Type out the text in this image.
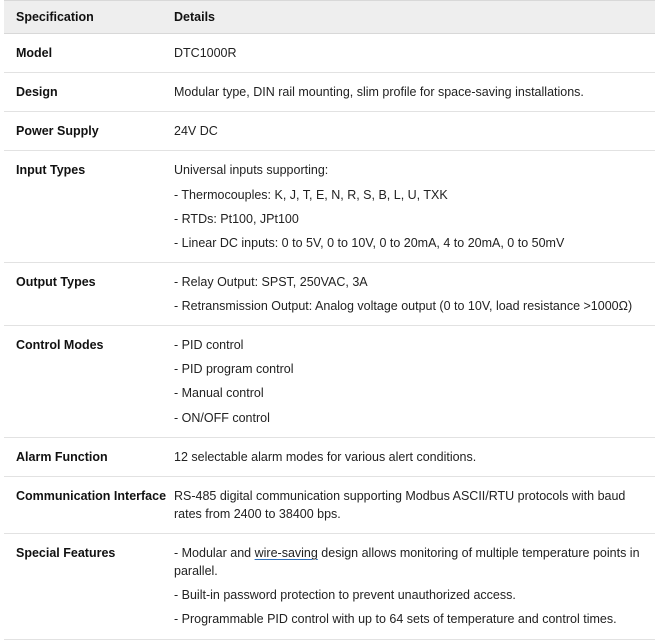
Specification	Details
Model	DTC1000R

Design	Modular type, DIN rail mounting, slim profile for space-saving installations.

Power Supply	24V DC

Input Types	Universal inputs supporting:
- Thermocouples: K, J, T, E, N, R, S, B, L, U, TXK
- RTDs: Pt100, JPt100
- Linear DC inputs: 0 to 5V, 0 to 10V, 0 to 20mA, 4 to 20mA, 0 to 50mV

Output Types	- Relay Output: SPST, 250VAC, 3A
- Retransmission Output: Analog voltage output (0 to 10V, load resistance >1000Ω)

Control Modes	- PID control
- PID program control
- Manual control
- ON/OFF control

Alarm Function	12 selectable alarm modes for various alert conditions.

Communication Interface	RS-485 digital communication supporting Modbus ASCII/RTU protocols with baud rates from 2400 to 38400 bps.

Special Features	- Modular and wire-saving design allows monitoring of multiple temperature points in parallel.
- Built-in password protection to prevent unauthorized access.
- Programmable PID control with up to 64 sets of temperature and control times.
